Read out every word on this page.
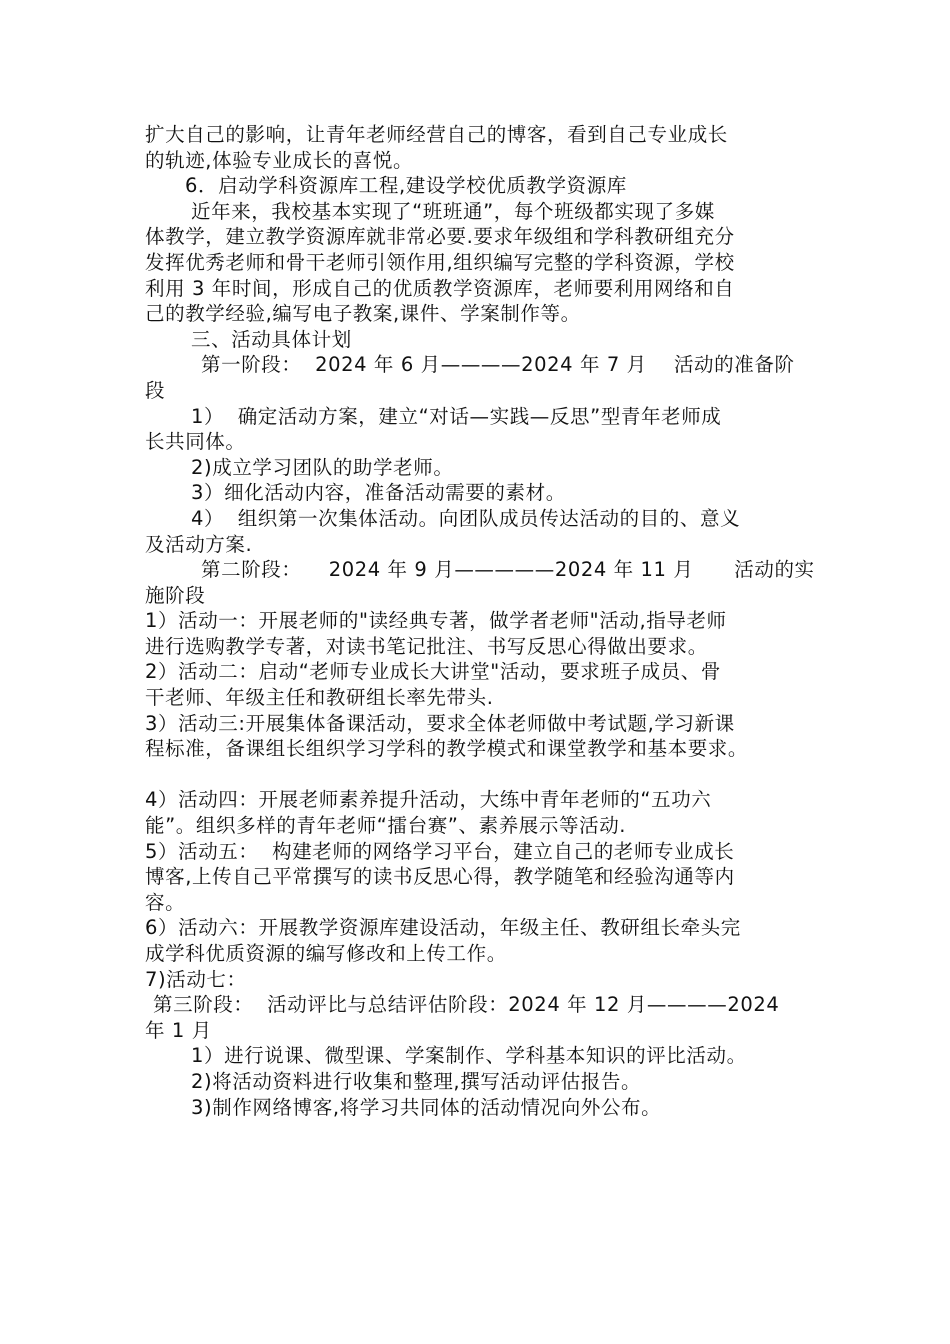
扩大自己的影响，让青年老师经营自己的博客，看到自己专业成长
的轨迹,体验专业成长的喜悦。
6．启动学科资源库工程,建设学校优质教学资源库
近年来，我校基本实现了“班班通”，每个班级都实现了多媒
体教学，建立教学资源库就非常必要.要求年级组和学科教研组充分
发挥优秀老师和骨干老师引领作用,组织编写完整的学科资源，学校
利用 3 年时间，形成自己的优质教学资源库，老师要利用网络和自
己的教学经验,编写电子教案,课件、学案制作等。
三、活动具体计划
第一阶段：  2024 年 6 月————2024 年 7 月    活动的准备阶
段
1）  确定活动方案，建立“对话—实践—反思”型青年老师成
长共同体。
2)成立学习团队的助学老师。
3）细化活动内容，准备活动需要的素材。
4）  组织第一次集体活动。向团队成员传达活动的目的、意义
及活动方案.
第二阶段：    2024 年 9 月—————2024 年 11 月      活动的实
施阶段
1）活动一：开展老师的"读经典专著，做学者老师"活动,指导老师
进行选购教学专著，对读书笔记批注、书写反思心得做出要求。
2）活动二：启动“老师专业成长大讲堂"活动，要求班子成员、骨
干老师、年级主任和教研组长率先带头.
3）活动三:开展集体备课活动，要求全体老师做中考试题,学习新课
程标准，备课组长组织学习学科的教学模式和课堂教学和基本要求。
4）活动四：开展老师素养提升活动，大练中青年老师的“五功六
能”。组织多样的青年老师“擂台赛”、素养展示等活动.
5）活动五：  构建老师的网络学习平台，建立自己的老师专业成长
博客,上传自己平常撰写的读书反思心得，教学随笔和经验沟通等内
容。
6）活动六：开展教学资源库建设活动，年级主任、教研组长牵头完
成学科优质资源的编写修改和上传工作。
7)活动七：
第三阶段：  活动评比与总结评估阶段：2024 年 12 月————2024
年 1 月
1）进行说课、微型课、学案制作、学科基本知识的评比活动。
2)将活动资料进行收集和整理,撰写活动评估报告。
3)制作网络博客,将学习共同体的活动情况向外公布。
